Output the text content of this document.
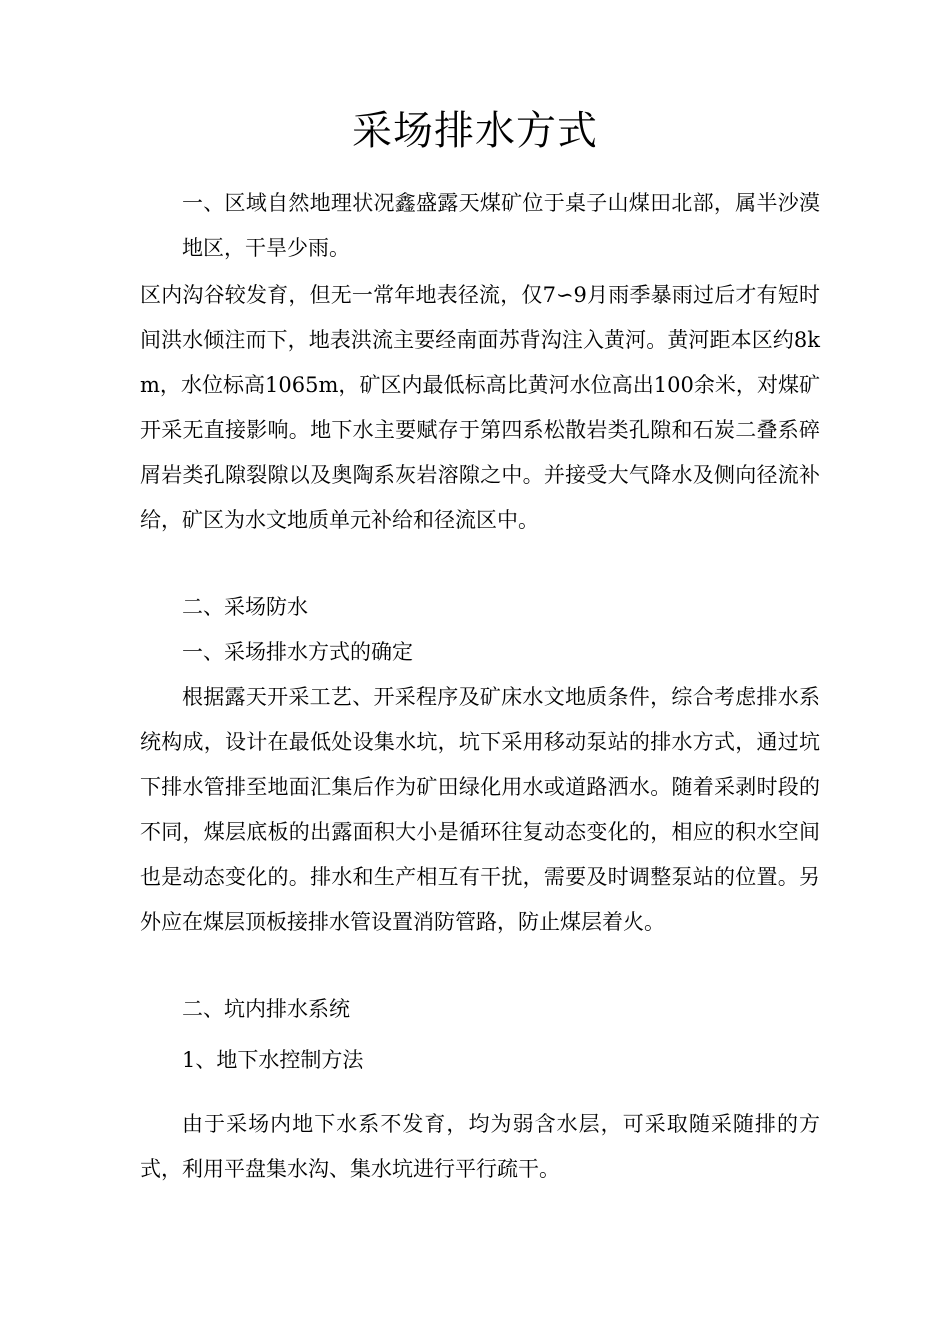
采场排水方式
一、区域自然地理状况鑫盛露天煤矿位于桌子山煤田北部，属半沙漠地区，干旱少雨。
区内沟谷较发育，但无一常年地表径流，仅7∽9月雨季暴雨过后才有短时间洪水倾注而下，地表洪流主要经南面苏背沟注入黄河。黄河距本区约8km，水位标高1065m，矿区内最低标高比黄河水位高出100余米，对煤矿开采无直接影响。地下水主要赋存于第四系松散岩类孔隙和石炭二叠系碎屑岩类孔隙裂隙以及奥陶系灰岩溶隙之中。并接受大气降水及侧向径流补给，矿区为水文地质单元补给和径流区中。
二、采场防水
一、采场排水方式的确定
根据露天开采工艺、开采程序及矿床水文地质条件，综合考虑排水系统构成，设计在最低处设集水坑，坑下采用移动泵站的排水方式，通过坑下排水管排至地面汇集后作为矿田绿化用水或道路洒水。随着采剥时段的不同，煤层底板的出露面积大小是循环往复动态变化的，相应的积水空间也是动态变化的。排水和生产相互有干扰，需要及时调整泵站的位置。另外应在煤层顶板接排水管设置消防管路，防止煤层着火。
二、坑内排水系统
1、地下水控制方法
由于采场内地下水系不发育，均为弱含水层，可采取随采随排的方式，利用平盘集水沟、集水坑进行平行疏干。
